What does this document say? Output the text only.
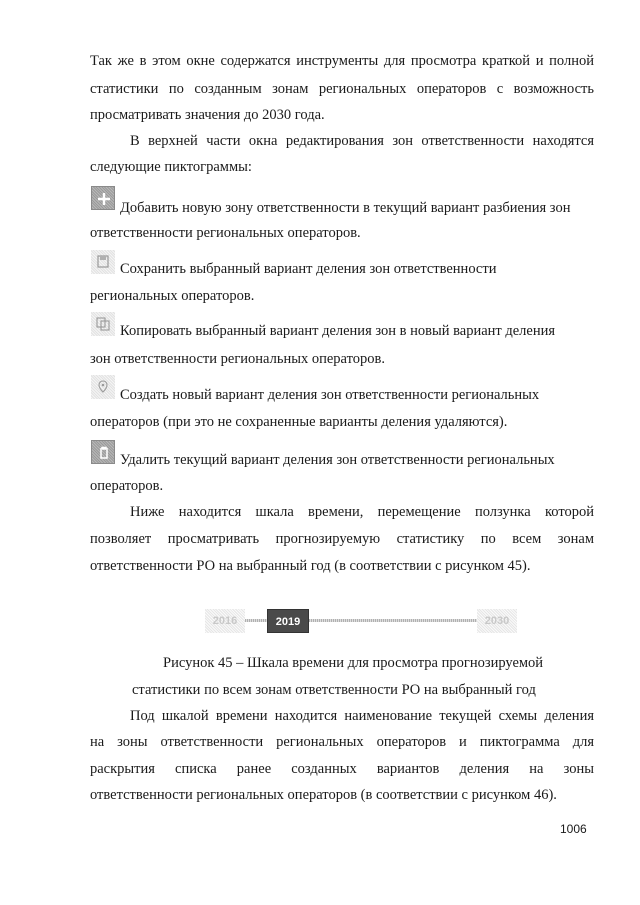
Так же в этом окне содержатся инструменты для просмотра краткой и полной
статистики по созданным зонам региональных операторов с возможность
просматривать значения до 2030 года.
В верхней части окна редактирования зон ответственности находятся
следующие пиктограммы:
Добавить новую зону ответственности в текущий вариант разбиения зон
ответственности региональных операторов.
Сохранить выбранный вариант деления зон ответственности
региональных операторов.
Копировать выбранный вариант деления зон в новый вариант деления
зон ответственности региональных операторов.
Создать новый вариант деления зон ответственности региональных
операторов (при это не сохраненные варианты деления удаляются).
Удалить текущий вариант деления зон ответственности региональных
операторов.
Ниже находится шкала времени, перемещение ползунка которой
позволяет просматривать прогнозируемую статистику по всем зонам
ответственности РО на выбранный год (в соответствии с рисунком 45).
2016	2019	2030
Рисунок 45 – Шкала времени для просмотра прогнозируемой
статистики по всем зонам ответственности РО на выбранный год
Под шкалой времени находится наименование текущей схемы деления
на зоны ответственности региональных операторов и пиктограмма для
раскрытия списка ранее созданных вариантов деления на зоны
ответственности региональных операторов (в соответствии с рисунком 46).
1006
